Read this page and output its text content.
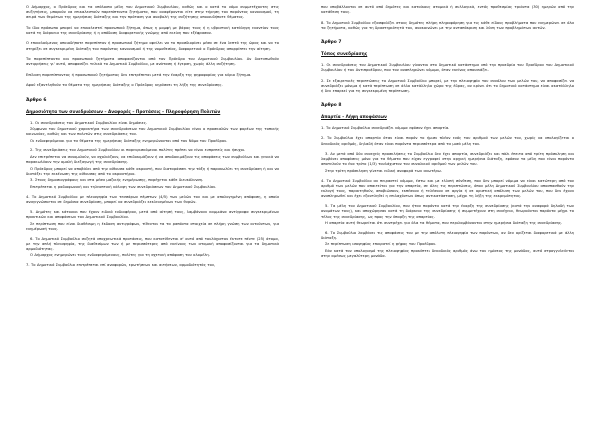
Ο Δήμαρχος, ο Πρόεδρος και τα υπόλοιπα μέλη του Δημοτικού Συμβουλίου, καθώς και ο κατά το νόμο συμμετέχοντες στις συζητήσεις, μπορούν να επικαλεστούν παρεπίπτοντα ζητήματα, που αναφέρονται είτε στην τήρηση του παρόντος κανονισμού, τη σειρά των θεμάτων της ημερήσιας διάταξης και την πρόταση για αναβολή της συζήτησης οποιουδήποτε θέματος.

Το ίδιο πρόσωπο μπορεί να επικαλεστεί προσωπικό ζήτημα, όπως η μομφή με βάρος τους ή η υβριστική κατάληψη εναντίον τους κατά τη διάρκεια της συνεδρίασης ή η απόδοση διαφορετικής γνώμης από εκείνη που εξέφρασαν.

Ο επικαλούμενος οποιοδήποτε παρεπίπτον ή προσωπικό ζήτημα οφείλει να το προσδιορίσει μέσα σε ένα λεπτό της ώρας και να το στηρίξει σε συγκεκριμένη διάταξη του παρόντος κανονισμού ή της νομοθεσίας, διαφορετικά ο Πρόεδρος απορρίπτει την αίτηση.

Τα παρεπίπτοντα και προσωπικά ζητήματα αποφασίζονται από τον Πρόεδρο του Δημοτικού Συμβουλίου. Αν διατυπωθούν αντιρρήσεις γι' αυτό, αποφασίζει τελικά το Δημοτικό Συμβούλιο, με ανάταση ή έγερση, χωρίς άλλη συζήτηση.

Επίλυση παρεπίπτοντος ή προσωπικού ζητήματος δεν επιτρέπεται μετά την έναρξη της ψηφοφορίας για κύριο ζήτημα.

Αφού εξαντληθούν τα θέματα της ημερήσιας διάταξης ο Πρόεδρος κηρύσσει τη λήξη της συνεδρίασης.

Άρθρο 6
Δημοσιότητα των συνεδριάσεων – Αναφορές – Προτάσεις – Πληροφόρηση Πολιτών

1. Οι συνεδριάσεις του Δημοτικού Συμβουλίου είναι δημόσιες.

Σύμφωνα του δημοτικού χαρακτήρα των συνεδριάσεων του Δημοτικού Συμβουλίου είναι ο προσκαλών των φορέων της τοπικής κοινωνίας, καθώς και των πολιτών στις συνεδριάσεις του.

Οι ενδιαφερόμενοι για τα θέματα της ημερήσιας διάταξης ενημερώνονται από τον Νόμο του Προέδρου.

2. Της συνεδριάσεις του Δημοτικού Συμβουλίου οι παρευρισκόμενοι πολίτες πρέπει να είναι ευπρεπείς και ήσυχοι.

Δεν επιτρέπεται να συνομιλούν, να σχολιάζουν, να επιδοκιμάζουν ή να αποδοκιμάζουν τις αποφάσεις των συμβούλων και γενικά να παρακωλύουν την ομαλή διεξαγωγή της συνεδρίασης.

Ο Πρόεδρος μπορεί να αποβάλει από την αίθουσα κάθε ακροατή, που διαταράσσει την τάξη ή παρακωλύει τη συνεδρίαση ή και να διατάξει την εκκένωση της αίθουσας από το ακροατήριο.

3. Στους δημοσιογράφους και στα μέσα μαζικής ενημέρωσης, παρέχεται κάθε διευκόλυνση.

Επιτρέπεται η ραδιοφωνική και τηλεοπτική κάλυψη των συνεδριάσεων του Δημοτικού Συμβουλίου.

4. Το Δημοτικό Συμβούλιο με πλειοψηφία των τεσσάρων πέμπτων (4/5) των μελών του και με απολογημένη απόφαση, η οποία αναγιγνώσκεται σε δημόσια συνεδρίαση, μπορεί να συνεδριάζει κεκλεισμένων των θυρών.

5. Δημότες και κάτοικοι που έχουν ειδικό ενδιαφέρον, μετά από αίτησή τους, λαμβάνουν καμμιάνα αντίγραφα συγκεκριμένων πρακτικών και αποφάσεων του Δημοτικού Συμβουλίου.

Σε περίπτωση που είναι διαθέσιμη η έκδοση αντιγράφων, τίθενται τα τα ραπόντα στοιχεία σε πλήρη γνώση των αιτούντων, για ενημέρωσή τους.

6. Το Δημοτικό Συμβούλιο συζητά υποχρεωτικά προτάσεις, που κατατίθενται σ' αυτό από τουλάχιστον έκτοτε πέντε (25) άτομα, με την απλή πλειοψηφία, της διαθεσίμων των ή με περισσότερες από εκείνους των ατομική αποφασίζονται για τα δημοτικά αρμοδιότητας.

Ο Δήμαρχος ενημερώνει τους ενδιαφερόμενους, πολίτες για τη σχετική απόφαση του ολομέλη.

7. Το Δημοτικό Συμβούλιο επιτρέπεται επί αναφορών, ερωτήσεων και αιτήσεων, αρμοδιότητάς του,

που υποβάλλονται σε αυτό από δημότες και κατοίκους ατομικά ή συλλογικά, εντός προθεσμίας τριάντα (30) ημερών από την κατάθεση τους.

8. Το Δημοτικό Συμβούλιο εξασφαλίζει στους δημότες πλήρη πληροφόρηση για τις κάθε είδους προβλήματα που ενημερώνει σε όλα τα ζητήματα, καθώς για τη δραστηριότητά του, ανακοινώνει με την ανταπόκριση και λύση των προβλημάτων αυτών.

Άρθρο 7
Τόπος συνεδρίασης

1. Οι συνεδριάσεις του Δημοτικού Συμβουλίου γίνονται στο δημοτικό κατάστημα υπό την προεδρία του Προέδρου του Δημοτικού Συμβουλίου ή του Αντιπροέδρου, που τον αναπληρώνει νόμιμα, όταν εκείνος απουσιάζει.

2. Σε εξαιρετικές περιπτώσεις το Δημοτικό Συμβούλιο μπορεί, με την πλειοψηφία του συνόλου των μελών του, να αποφασίζει να συνεδριάζει μόνιμα ή κατά περίπτωση σε άλλο κατάλληλο χώρο της έδρας, αν κρίνει ότι το δημοτικό κατάστημα είναι ακατάλληλο ή δεν επαρκεί για τη συγκεκριμένη περίπτωση.

Άρθρο 8
Απαρτία – Λήψη αποφάσεων

1. Το Δημοτικό Συμβούλιο συνεδριάζει νόμιμα εφόσον έχει απαρτία.

2. Το Συμβούλιο έχει απαρτία όταν είναι παρόν το ήμισυ πλέον ενός του αριθμού των μελών του, χωρίς να υπολογίζεται ο δεκαδικός αριθμός, δηλαδή όταν είναι παρόντα περισσότερα από τα μισά μέλη του.

3. Αν μετά από δύο συνεχείς προσκλήσεις το Συμβούλιο δεν έχει απαρτία, συνεδριάζει και πάλι έπειτα από τρίτη πρόσκληση και λαμβάνει αποφάσεις μόνο για τα θέματα που είχαν εγγραφεί στην αρχική ημερήσια διάταξη, εφόσον τα μέλη που είναι παρόντα αποτελούν το ένα τρίτο (1/3) τουλάχιστον του συνολικού αριθμού των μελών του.

Στην τρίτη πρόσκληση γίνεται ειδική αναφορά των ανωτέρω.

4. Το Δημοτικό Συμβούλιο αν πειραστεί νόμιμα, έστω και με ελλιπή σύνθεση, που δεν μπορεί νόμιμα να είναι κατώτερη από τον αριθμό των μελών που απαιτείται για την απαρτία, σε όλες τις περιπτώσεις, όπου μέλη Δημοτικού Συμβουλίου αποσπασθούν την εκλογή τους, παραιτηθούν, αποβιώσουν, εκπέσουν ή τελέσουν σε αργία ή σε οριστική απόλυση των μελών του, που δεν έχουν αναπληρωθεί και έχει εξαντληθεί η επιλαχόντων όπως αντικατάσταση, μέχρι τη λήξη της εκκρεμότητας.

5. Τα μέλη του Δημοτικού Συμβουλίου, που ήταν παρόντα κατά την έναρξη της συνεδρίασης (κατά την αναφορά δηλαδή των ονομάτων τους), και αποχώρησαν κατά τη διάρκεια της συνεδρίασης ή συμμετέχουν στη συνέχεια, θεωρούνται παρόντα μέχρι το τέλος της συνεδρίασης, ως προς την ύπαρξη της απαρτίας.

Η απαρτία αυτή θεωρείται ότι συντρέχει για όλα τα θέματα, που περιλαμβάνονται στην ημερήσια διάταξη της συνεδρίασης.

6. Το Συμβούλιο λαμβάνει τις αποφάσεις του με την απόλυτη πλειοψηφία των παρόντων, αν δεν ορίζεται διαφορετικά με άλλη διάταξη.

Σε περίπτωση ισοψηφίας επικρατεί η ψήφος του Προέδρου.

Εάν κατά τον υπολογισμό της πλειοψηφίας προκύπτει δεκαδικός αριθμός άνω του ημίσεος της μονάδας, αυτό στρογγυλεύεται στην αμέσως μεγαλύτερη μονάδα.
